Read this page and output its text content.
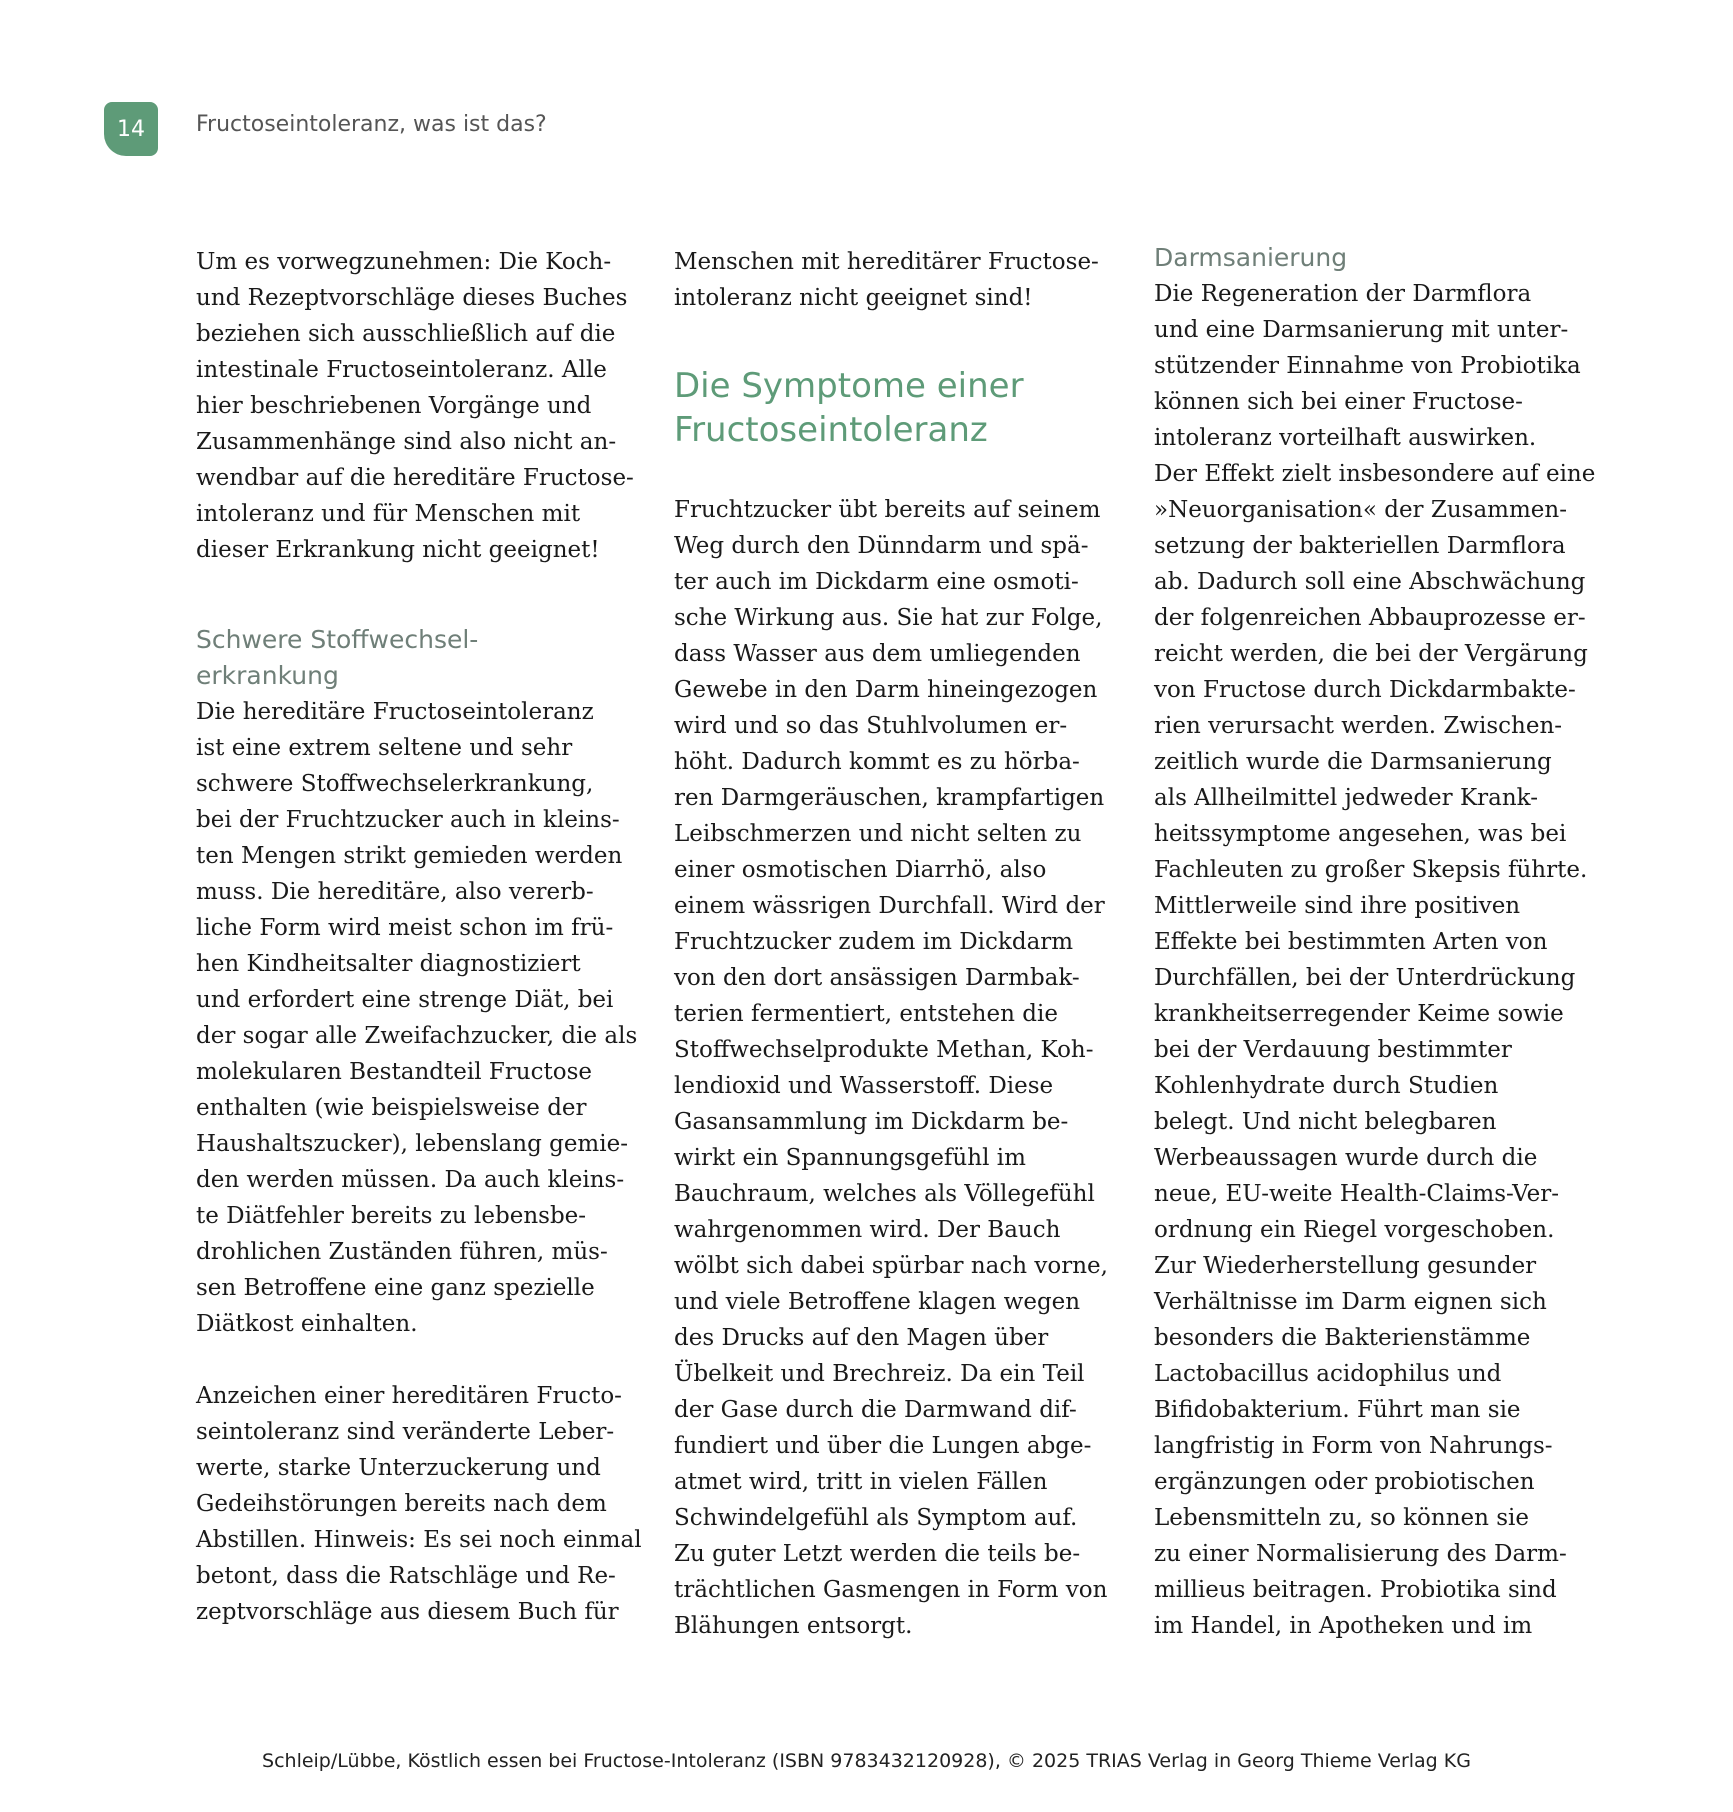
14 Fructoseintoleranz, was ist das?

Um es vorwegzunehmen: Die Koch-
und Rezeptvorschläge dieses Buches
beziehen sich ausschließlich auf die
intestinale Fructoseintoleranz. Alle
hier beschriebenen Vorgänge und
Zusammenhänge sind also nicht an-
wendbar auf die hereditäre Fructose-
intoleranz und für Menschen mit
dieser Erkrankung nicht geeignet!

Schwere Stoffwechsel-
erkrankung

Die hereditäre Fructoseintoleranz
ist eine extrem seltene und sehr
schwere Stoffwechselerkrankung,
bei der Fruchtzucker auch in kleins-
ten Mengen strikt gemieden werden
muss. Die hereditäre, also vererb-
liche Form wird meist schon im frü-
hen Kindheitsalter diagnostiziert
und erfordert eine strenge Diät, bei
der sogar alle Zweifachzucker, die als
molekularen Bestandteil Fructose
enthalten (wie beispielsweise der
Haushaltszucker), lebenslang gemie-
den werden müssen. Da auch kleins-
te Diätfehler bereits zu lebensbe-
drohlichen Zuständen führen, müs-
sen Betroffene eine ganz spezielle
Diätkost einhalten.

Anzeichen einer hereditären Fructo-
seintoleranz sind veränderte Leber-
werte, starke Unterzuckerung und
Gedeihstörungen bereits nach dem
Abstillen. Hinweis: Es sei noch einmal
betont, dass die Ratschläge und Re-
zeptvorschläge aus diesem Buch für

Menschen mit hereditärer Fructose-
intoleranz nicht geeignet sind!

Die Symptome einer
Fructoseintoleranz

Fruchtzucker übt bereits auf seinem
Weg durch den Dünndarm und spä-
ter auch im Dickdarm eine osmoti-
sche Wirkung aus. Sie hat zur Folge,
dass Wasser aus dem umliegenden
Gewebe in den Darm hineingezogen
wird und so das Stuhlvolumen er-
höht. Dadurch kommt es zu hörba-
ren Darmgeräuschen, krampfartigen
Leibschmerzen und nicht selten zu
einer osmotischen Diarrhö, also
einem wässrigen Durchfall. Wird der
Fruchtzucker zudem im Dickdarm
von den dort ansässigen Darmbak-
terien fermentiert, entstehen die
Stoffwechselprodukte Methan, Koh-
lendioxid und Wasserstoff. Diese
Gasansammlung im Dickdarm be-
wirkt ein Spannungsgefühl im
Bauchraum, welches als Völlegefühl
wahrgenommen wird. Der Bauch
wölbt sich dabei spürbar nach vorne,
und viele Betroffene klagen wegen
des Drucks auf den Magen über
Übelkeit und Brechreiz. Da ein Teil
der Gase durch die Darmwand dif-
fundiert und über die Lungen abge-
atmet wird, tritt in vielen Fällen
Schwindelgefühl als Symptom auf.
Zu guter Letzt werden die teils be-
trächtlichen Gasmengen in Form von
Blähungen entsorgt.

Darmsanierung

Die Regeneration der Darmflora
und eine Darmsanierung mit unter-
stützender Einnahme von Probiotika
können sich bei einer Fructose-
intoleranz vorteilhaft auswirken.
Der Effekt zielt insbesondere auf eine
»Neuorganisation« der Zusammen-
setzung der bakteriellen Darmflora
ab. Dadurch soll eine Abschwächung
der folgenreichen Abbauprozesse er-
reicht werden, die bei der Vergärung
von Fructose durch Dickdarmbakte-
rien verursacht werden. Zwischen-
zeitlich wurde die Darmsanierung
als Allheilmittel jedweder Krank-
heitssymptome angesehen, was bei
Fachleuten zu großer Skepsis führte.
Mittlerweile sind ihre positiven
Effekte bei bestimmten Arten von
Durchfällen, bei der Unterdrückung
krankheitserregender Keime sowie
bei der Verdauung bestimmter
Kohlenhydrate durch Studien
belegt. Und nicht belegbaren
Werbeaussagen wurde durch die
neue, EU-weite Health-Claims-Ver-
ordnung ein Riegel vorgeschoben.
Zur Wiederherstellung gesunder
Verhältnisse im Darm eignen sich
besonders die Bakterienstämme
Lactobacillus acidophilus und
Bifidobakterium. Führt man sie
langfristig in Form von Nahrungs-
ergänzungen oder probiotischen
Lebensmitteln zu, so können sie
zu einer Normalisierung des Darm-
millieus beitragen. Probiotika sind
im Handel, in Apotheken und im

Schleip/Lübbe, Köstlich essen bei Fructose-Intoleranz (ISBN 9783432120928), © 2025 TRIAS Verlag in Georg Thieme Verlag KG
